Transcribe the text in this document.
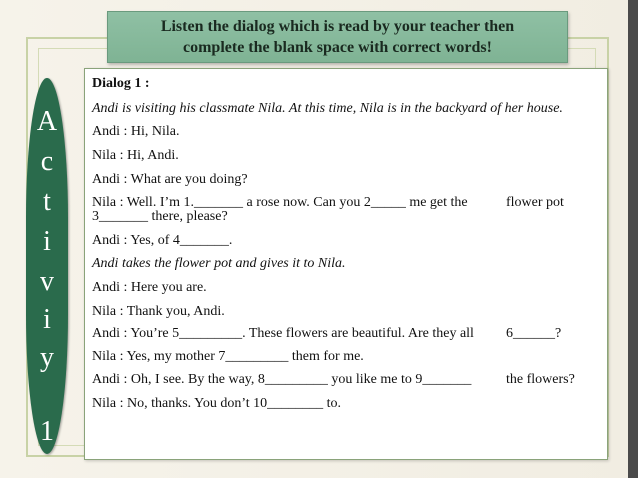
Listen the dialog which is read by your teacher then
complete the blank space with correct words!
A
c
t
i
v
i
y
1
Dialog 1 :
Andi is visiting his classmate Nila. At this time, Nila is in the backyard of her house.
Andi : Hi, Nila.
Nila : Hi, Andi.
Andi : What are you doing?
Nila : Well. I’m 1._______ a rose now. Can you 2_____ me get the	flower pot
3_______ there, please?
Andi : Yes, of 4_______.
Andi takes the flower pot and gives it to Nila.
Andi : Here you are.
Nila : Thank you, Andi.
Andi : You’re 5_________. These flowers are beautiful. Are they all 6______?
Nila : Yes, my mother 7_________ them for me.
Andi : Oh, I see. By the way, 8_________ you like me to 9_______ the flowers?
Nila : No, thanks. You don’t 10________ to.
